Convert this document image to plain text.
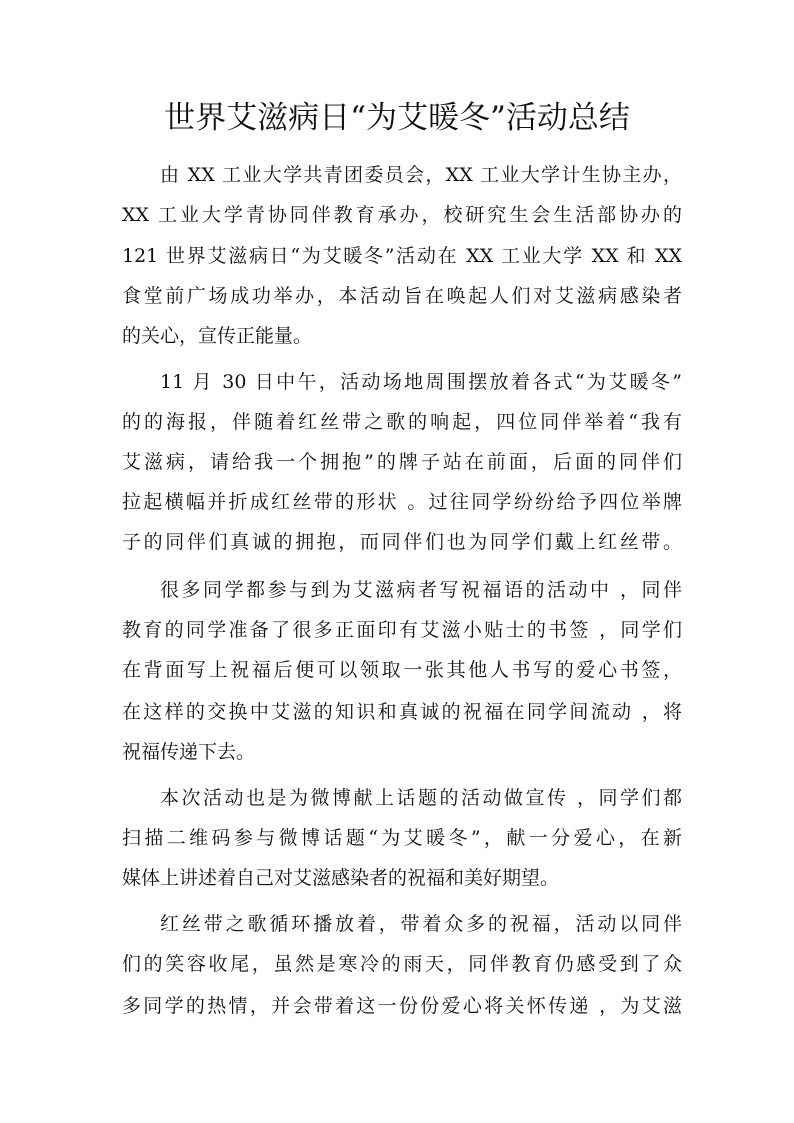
世界艾滋病日“为艾暖冬”活动总结
由 XX 工业大学共青团委员会，XX 工业大学计生协主办，
XX 工业大学青协同伴教育承办，校研究生会生活部协办的
121 世界艾滋病日“为艾暖冬”活动在 XX 工业大学 XX 和 XX
食堂前广场成功举办，本活动旨在唤起人们对艾滋病感染者
的关心，宣传正能量。
11 月 30 日中午，活动场地周围摆放着各式“为艾暖冬”
的的海报，伴随着红丝带之歌的响起，四位同伴举着“我有
艾滋病，请给我一个拥抱”的牌子站在前面，后面的同伴们
拉起横幅并折成红丝带的形状 。过往同学纷纷给予四位举牌
子的同伴们真诚的拥抱，而同伴们也为同学们戴上红丝带。
很多同学都参与到为艾滋病者写祝福语的活动中 ，同伴
教育的同学准备了很多正面印有艾滋小贴士的书签 ，同学们
在背面写上祝福后便可以领取一张其他人书写的爱心书签，
在这样的交换中艾滋的知识和真诚的祝福在同学间流动 ，将
祝福传递下去。
本次活动也是为微博献上话题的活动做宣传 ，同学们都
扫描二维码参与微博话题“为艾暖冬”，献一分爱心，在新
媒体上讲述着自己对艾滋感染者的祝福和美好期望。
红丝带之歌循环播放着，带着众多的祝福，活动以同伴
们的笑容收尾，虽然是寒冷的雨天，同伴教育仍感受到了众
多同学的热情，并会带着这一份份爱心将关怀传递 ，为艾滋
